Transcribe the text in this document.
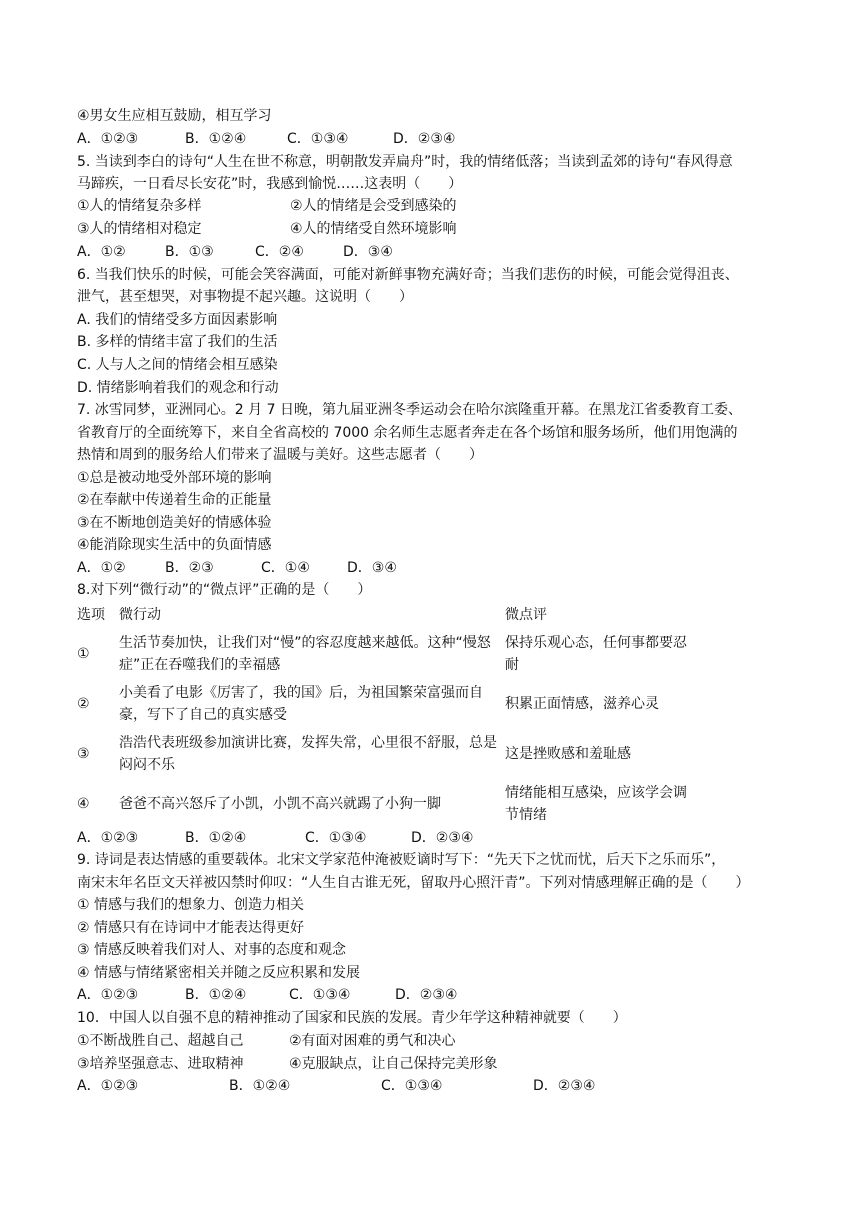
④男女生应相互鼓励，相互学习
A．①②③	B．①②④	C．①③④	D．②③④
5. 当读到李白的诗句“人生在世不称意，明朝散发弄扁舟”时，我的情绪低落；当读到孟郊的诗句“春风得意
马蹄疾，一日看尽长安花”时，我感到愉悦……这表明（　　）
①人的情绪复杂多样	②人的情绪是会受到感染的
③人的情绪相对稳定	④人的情绪受自然环境影响
A．①②	B．①③	C．②④	D．③④
6. 当我们快乐的时候，可能会笑容满面，可能对新鲜事物充满好奇；当我们悲伤的时候，可能会觉得沮丧、
泄气，甚至想哭，对事物提不起兴趣。这说明（　　）
A. 我们的情绪受多方面因素影响
B. 多样的情绪丰富了我们的生活
C. 人与人之间的情绪会相互感染
D. 情绪影响着我们的观念和行动
7. 冰雪同梦，亚洲同心。2 月 7 日晚，第九届亚洲冬季运动会在哈尔滨隆重开幕。在黑龙江省委教育工委、
省教育厅的全面统筹下，来自全省高校的 7000 余名师生志愿者奔走在各个场馆和服务场所，他们用饱满的
热情和周到的服务给人们带来了温暖与美好。这些志愿者（　　）
①总是被动地受外部环境的影响
②在奉献中传递着生命的正能量
③在不断地创造美好的情感体验
④能消除现实生活中的负面情感
A．①②	B．②③	C．①④	D．③④
8.对下列“微行动”的“微点评”正确的是（　　）
选项 微行动	微点评
①
生活节奏加快，让我们对“慢”的容忍度越来越低。这种“慢怒症”正在吞噬我们的幸福感
保持乐观心态，任何事都要忍耐
②
小美看了电影《厉害了，我的国》后，为祖国繁荣富强而自豪，写下了自己的真实感受
积累正面情感，滋养心灵
③
浩浩代表班级参加演讲比赛，发挥失常，心里很不舒服，总是闷闷不乐
这是挫败感和羞耻感
④	爸爸不高兴怒斥了小凯，小凯不高兴就踢了小狗一脚
情绪能相互感染，应该学会调节情绪
A．①②③	B．①②④	C．①③④	D．②③④
9. 诗词是表达情感的重要载体。北宋文学家范仲淹被贬谪时写下：“先天下之忧而忧，后天下之乐而乐”，
南宋末年名臣文天祥被囚禁时仰叹：“人生自古谁无死，留取丹心照汗青”。下列对情感理解正确的是（　　）
① 情感与我们的想象力、创造力相关
② 情感只有在诗词中才能表达得更好
③ 情感反映着我们对人、对事的态度和观念
④ 情感与情绪紧密相关并随之反应积累和发展
A．①②③	B．①②④	C．①③④	D．②③④
10．中国人以自强不息的精神推动了国家和民族的发展。青少年学这种精神就要（　　）
①不断战胜自己、超越自己	②有面对困难的勇气和决心
③培养坚强意志、进取精神	④克服缺点，让自己保持完美形象
A．①②③	B．①②④	C．①③④	D．②③④
